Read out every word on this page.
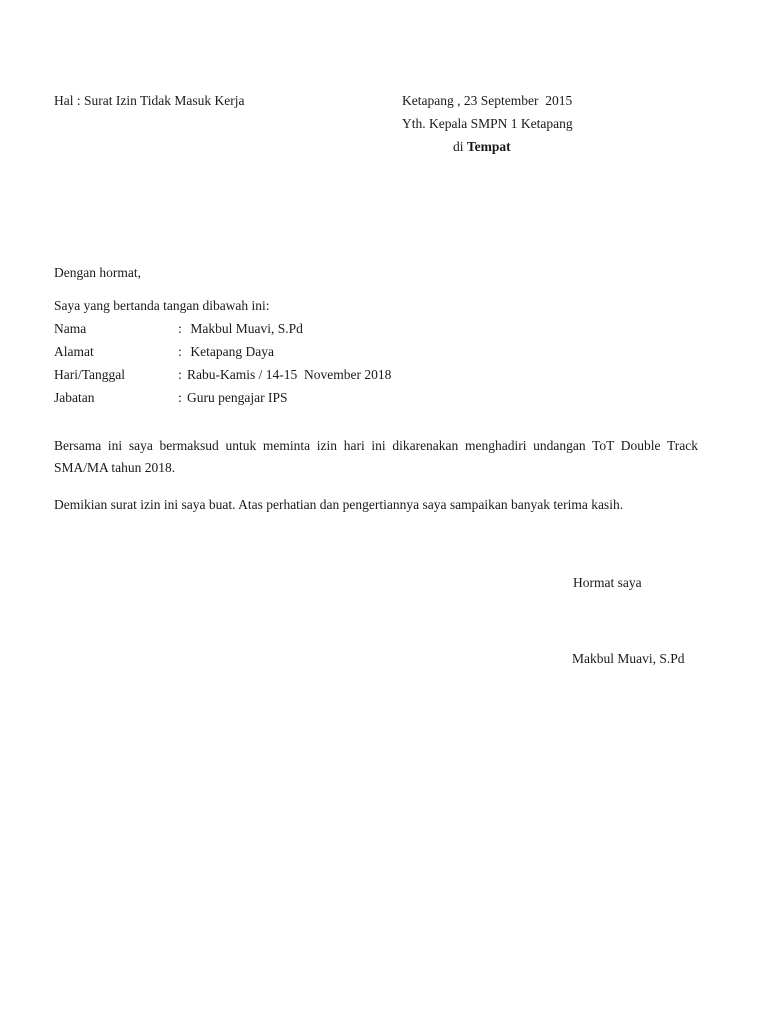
Hal : Surat Izin Tidak Masuk Kerja	Ketapang , 23 September  2015
Yth. Kepala SMPN 1 Ketapang
di Tempat
Dengan hormat,
Saya yang bertanda tangan dibawah ini:
Nama	: Makbul Muavi, S.Pd
Alamat	: Ketapang Daya
Hari/Tanggal	: Rabu-Kamis / 14-15  November 2018
Jabatan	: Guru pengajar IPS
Bersama ini saya bermaksud untuk meminta izin hari ini dikarenakan menghadiri undangan ToT Double Track SMA/MA tahun 2018.
Demikian surat izin ini saya buat. Atas perhatian dan pengertiannya saya sampaikan banyak terima kasih.
Hormat saya
Makbul Muavi, S.Pd
